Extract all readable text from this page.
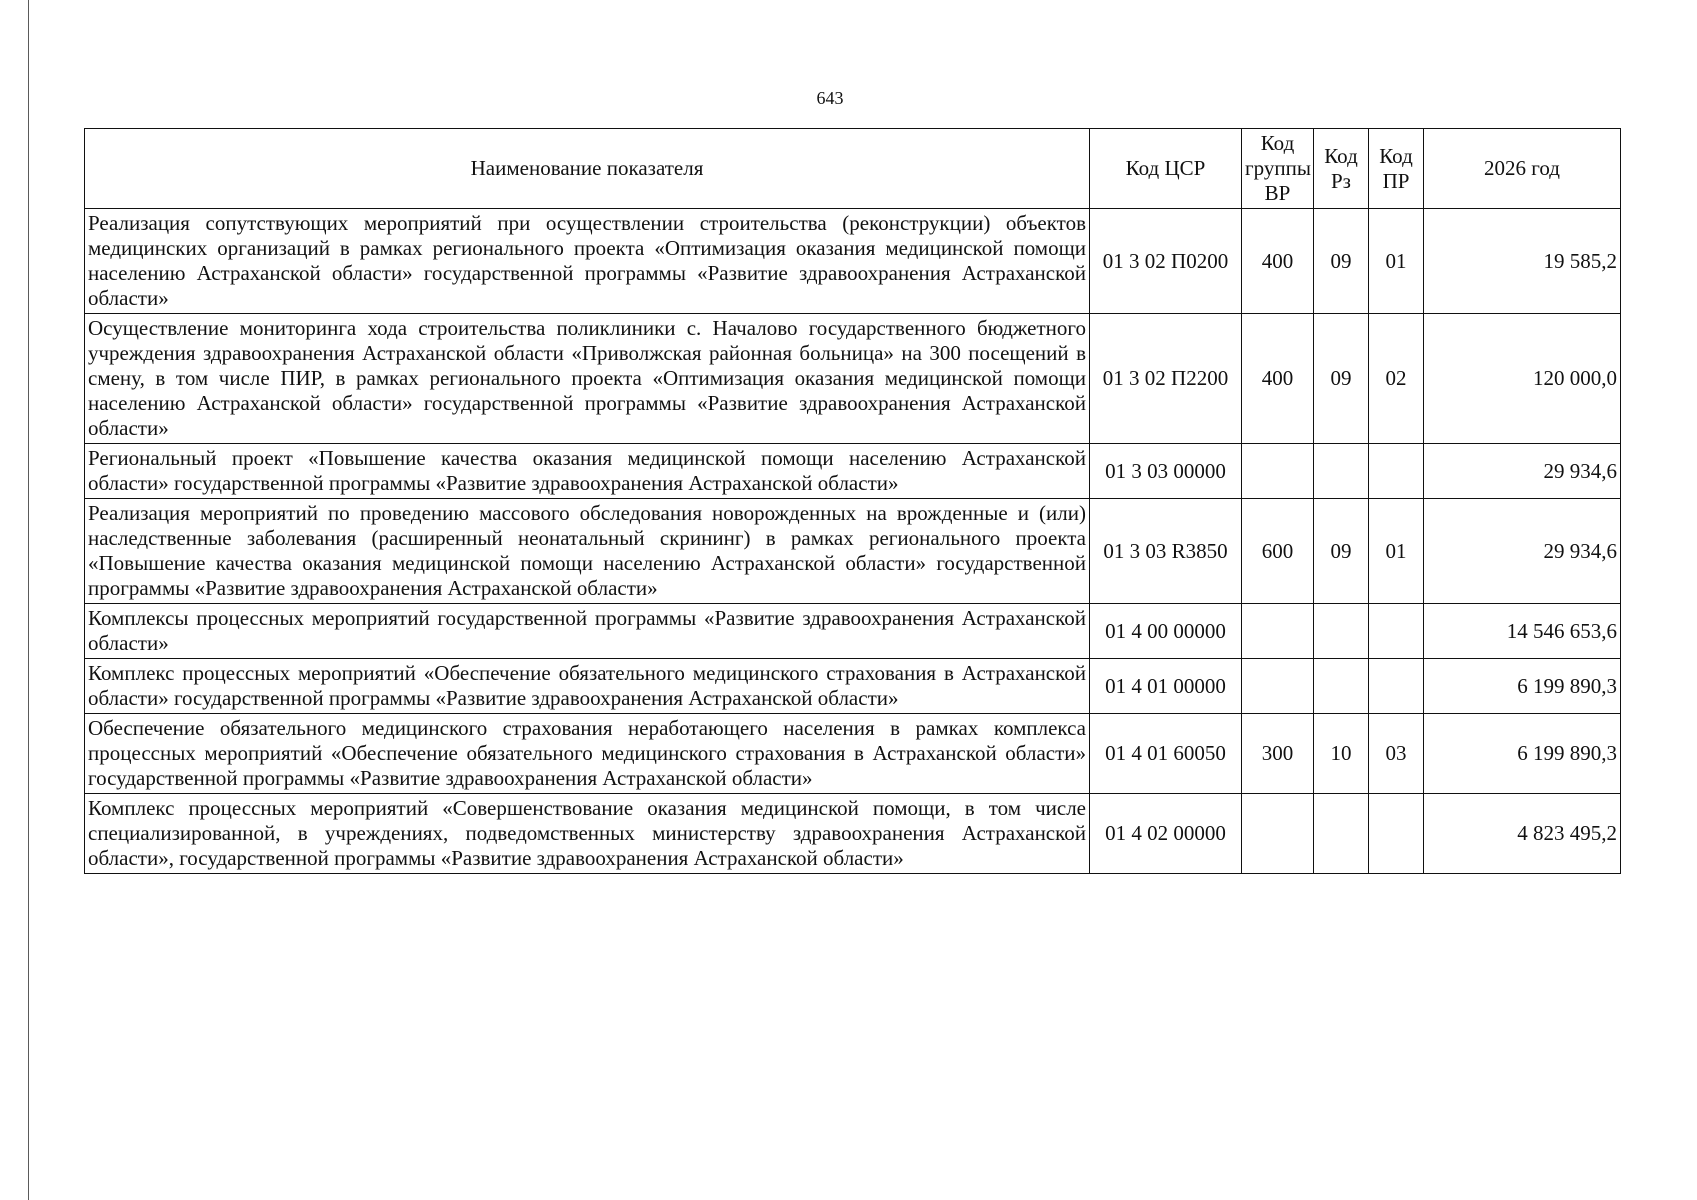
643
Наименование показателя	Код ЦСР	Код группы ВР	Код Рз	Код ПР	2026 год
Реализация сопутствующих мероприятий при осуществлении строительства (реконструкции) объектов медицинских организаций в рамках регионального проекта «Оптимизация оказания медицинской помощи населению Астраханской области» государственной программы «Развитие здравоохранения Астраханской области»	01 3 02 П0200	400	09	01	19 585,2
Осуществление мониторинга хода строительства поликлиники с. Началово государственного бюджетного учреждения здравоохранения Астраханской области «Приволжская районная больница» на 300 посещений в смену, в том числе ПИР, в рамках регионального проекта «Оптимизация оказания медицинской помощи населению Астраханской области» государственной программы «Развитие здравоохранения Астраханской области»	01 3 02 П2200	400	09	02	120 000,0
Региональный проект «Повышение качества оказания медицинской помощи населению Астраханской области» государственной программы «Развитие здравоохранения Астраханской области»	01 3 03 00000				29 934,6
Реализация мероприятий по проведению массового обследования новорожденных на врожденные и (или) наследственные заболевания (расширенный неонатальный скрининг) в рамках регионального проекта «Повышение качества оказания медицинской помощи населению Астраханской области» государственной программы «Развитие здравоохранения Астраханской области»	01 3 03 R3850	600	09	01	29 934,6
Комплексы процессных мероприятий государственной программы «Развитие здравоохранения Астраханской области»	01 4 00 00000				14 546 653,6
Комплекс процессных мероприятий «Обеспечение обязательного медицинского страхования в Астраханской области» государственной программы «Развитие здравоохранения Астраханской области»	01 4 01 00000				6 199 890,3
Обеспечение обязательного медицинского страхования неработающего населения в рамках комплекса процессных мероприятий «Обеспечение обязательного медицинского страхования в Астраханской области» государственной программы «Развитие здравоохранения Астраханской области»	01 4 01 60050	300	10	03	6 199 890,3
Комплекс процессных мероприятий «Совершенствование оказания медицинской помощи, в том числе специализированной, в учреждениях, подведомственных министерству здравоохранения Астраханской области», государственной программы «Развитие здравоохранения Астраханской области»	01 4 02 00000				4 823 495,2
